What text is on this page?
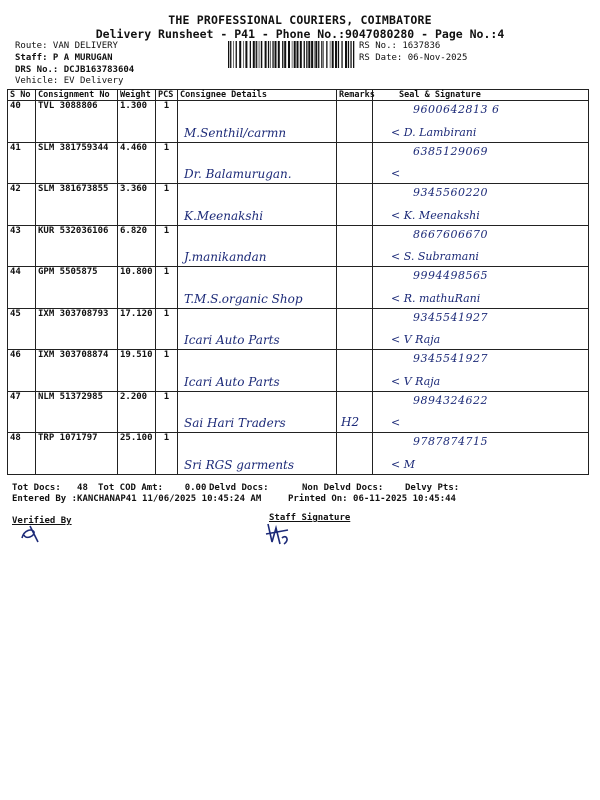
THE PROFESSIONAL COURIERS, COIMBATORE
Delivery Runsheet - P41 - Phone No.:9047080280 - Page No.:4
Route: VAN DELIVERY
Staff: P A MURUGAN
DRS No.: DCJB163783604
Vehicle: EV Delivery
RS No.: 1637836
RS Date: 06-Nov-2025
S No	Consignment No	Weight	PCS	Consignee Details	Remarks	Seal & Signature
40	TVL 3088806	1.300	1	M.Senthil/carmn		9600642813 6
< D. Lambirani

41	SLM 381759344	4.460	1	Dr. Balamurugan.		6385129069
<

42	SLM 381673855	3.360	1	K.Meenakshi		9345560220
< K. Meenakshi

43	KUR 532036106	6.820	1	J.manikandan		8667606670
< S. Subramani

44	GPM 5505875	10.800	1	T.M.S.organic Shop		9994498565
< R. mathuRani

45	IXM 303708793	17.120	1	Icari Auto Parts		9345541927
< V Raja

46	IXM 303708874	19.510	1	Icari Auto Parts		9345541927
< V Raja

47	NLM 51372985	2.200	1	Sai Hari Traders	H2	9894324622
<

48	TRP 1071797	25.100	1	Sri RGS garments		9787874715
< M
Tot Docs: 48 Tot COD Amt: 0.00 Delvd Docs:	Non Delvd Docs: Delvy Pts:
Entered By :KANCHANAP41 11/06/2025 10:45:24 AM	Printed On: 06-11-2025 10:45:44
Verified By	Staff Signature
